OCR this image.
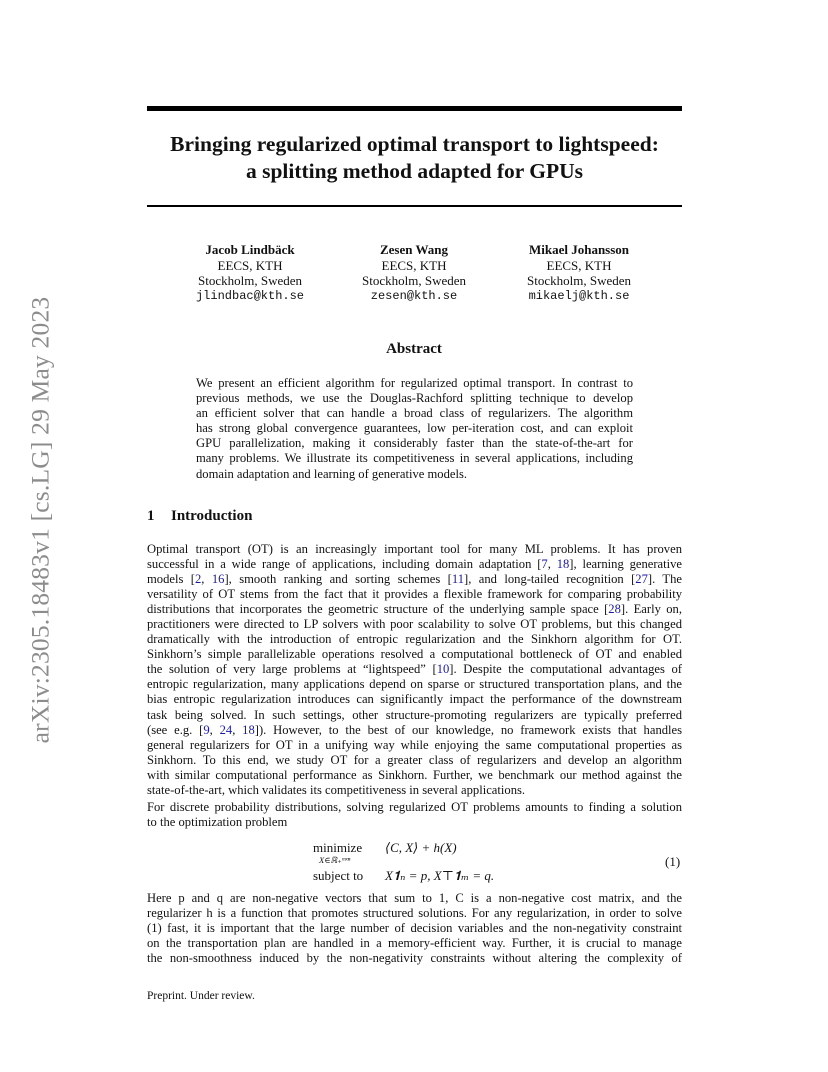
arXiv:2305.18483v1 [cs.LG] 29 May 2023
Bringing regularized optimal transport to lightspeed:
a splitting method adapted for GPUs
Jacob Lindbäck
EECS, KTH
Stockholm, Sweden
jlindbac@kth.se
Zesen Wang
EECS, KTH
Stockholm, Sweden
zesen@kth.se
Mikael Johansson
EECS, KTH
Stockholm, Sweden
mikaelj@kth.se
Abstract

We present an efficient algorithm for regularized optimal transport. In contrast to
previous methods, we use the Douglas-Rachford splitting technique to develop
an efficient solver that can handle a broad class of regularizers. The algorithm
has strong global convergence guarantees, low per-iteration cost, and can exploit
GPU parallelization, making it considerably faster than the state-of-the-art for
many problems. We illustrate its competitiveness in several applications, including
domain adaptation and learning of generative models.

1 Introduction

Optimal transport (OT) is an increasingly important tool for many ML problems. It has proven
successful in a wide range of applications, including domain adaptation [7, 18], learning generative
models [2, 16], smooth ranking and sorting schemes [11], and long-tailed recognition [27]. The
versatility of OT stems from the fact that it provides a flexible framework for comparing probability
distributions that incorporates the geometric structure of the underlying sample space [28]. Early on,
practitioners were directed to LP solvers with poor scalability to solve OT problems, but this changed
dramatically with the introduction of entropic regularization and the Sinkhorn algorithm for OT.
Sinkhorn’s simple parallelizable operations resolved a computational bottleneck of OT and enabled
the solution of very large problems at “lightspeed” [10]. Despite the computational advantages of
entropic regularization, many applications depend on sparse or structured transportation plans, and the
bias entropic regularization introduces can significantly impact the performance of the downstream
task being solved. In such settings, other structure-promoting regularizers are typically preferred
(see e.g. [9, 24, 18]). However, to the best of our knowledge, no framework exists that handles
general regularizers for OT in a unifying way while enjoying the same computational properties as
Sinkhorn. To this end, we study OT for a greater class of regularizers and develop an algorithm
with similar computational performance as Sinkhorn. Further, we benchmark our method against the
state-of-the-art, which validates its competitiveness in several applications.

For discrete probability distributions, solving regularized OT problems amounts to finding a solution
to the optimization problem

minimize
X∈ℝ₊ᵐˣⁿ
⟨C, X⟩ + h(X)
subject to X𝟏ₙ = p, X⊤𝟏ₘ = q.
(1)

Here p and q are non-negative vectors that sum to 1, C is a non-negative cost matrix, and the
regularizer h is a function that promotes structured solutions. For any regularization, in order to solve
(1) fast, it is important that the large number of decision variables and the non-negativity constraint
on the transportation plan are handled in a memory-efficient way. Further, it is crucial to manage
the non-smoothness induced by the non-negativity constraints without altering the complexity of

Preprint. Under review.
